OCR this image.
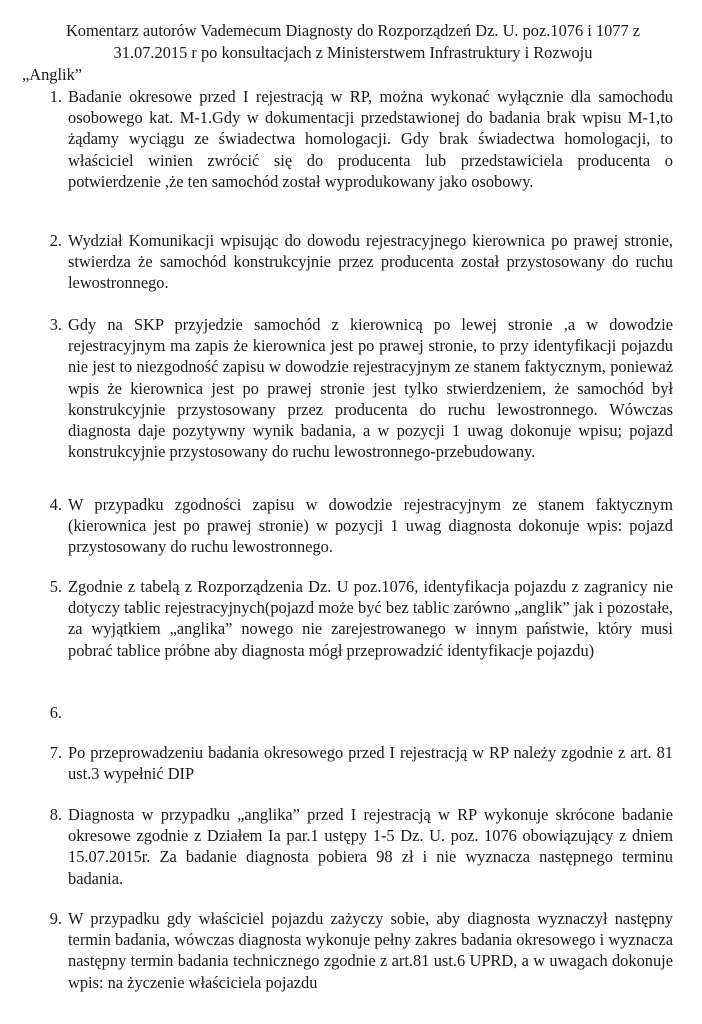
Komentarz autorów Vademecum Diagnosty do Rozporządzeń Dz. U. poz.1076 i 1077 z
31.07.2015 r po konsultacjach z Ministerstwem Infrastruktury i Rozwoju
„Anglik”
1. Badanie okresowe przed I rejestracją w RP, można wykonać wyłącznie dla samochodu osobowego kat. M-1.Gdy w dokumentacji przedstawionej do badania brak wpisu M-1,to żądamy wyciągu ze świadectwa homologacji. Gdy brak świadectwa homologacji, to właściciel winien zwrócić się do producenta lub przedstawiciela producenta o potwierdzenie ,że ten samochód został wyprodukowany jako osobowy.
2. Wydział Komunikacji wpisując do dowodu rejestracyjnego kierownica po prawej stronie, stwierdza że samochód konstrukcyjnie przez producenta został przystosowany do ruchu lewostronnego.
3. Gdy na SKP przyjedzie samochód z kierownicą po lewej stronie ,a w dowodzie rejestracyjnym ma zapis że kierownica jest po prawej stronie, to przy identyfikacji pojazdu nie jest to niezgodność zapisu w dowodzie rejestracyjnym ze stanem faktycznym, ponieważ wpis że kierownica jest po prawej stronie jest tylko stwierdzeniem, że samochód był konstrukcyjnie przystosowany przez producenta do ruchu lewostronnego. Wówczas diagnosta daje pozytywny wynik badania, a w pozycji 1 uwag dokonuje wpisu; pojazd konstrukcyjnie przystosowany do ruchu lewostronnego-przebudowany.
4. W przypadku zgodności zapisu w dowodzie rejestracyjnym ze stanem faktycznym (kierownica jest po prawej stronie) w pozycji 1 uwag diagnosta dokonuje wpis: pojazd przystosowany do ruchu lewostronnego.
5. Zgodnie z tabelą z Rozporządzenia Dz. U poz.1076, identyfikacja pojazdu z zagranicy nie dotyczy tablic rejestracyjnych(pojazd może być bez tablic zarówno „anglik” jak i pozostałe, za wyjątkiem „anglika” nowego nie zarejestrowanego w innym państwie, który musi pobrać tablice próbne aby diagnosta mógł przeprowadzić identyfikacje pojazdu)
6.
7. Po przeprowadzeniu badania okresowego przed I rejestracją w RP należy zgodnie z art. 81 ust.3 wypełnić DIP
8. Diagnosta w przypadku „anglika” przed I rejestracją w RP wykonuje skrócone badanie okresowe zgodnie z Działem Ia par.1 ustępy 1-5 Dz. U. poz. 1076 obowiązujący z dniem 15.07.2015r. Za badanie diagnosta pobiera 98 zł i nie wyznacza następnego terminu badania.
9. W przypadku gdy właściciel pojazdu zażyczy sobie, aby diagnosta wyznaczył następny termin badania, wówczas diagnosta wykonuje pełny zakres badania okresowego i wyznacza następny termin badania technicznego zgodnie z art.81 ust.6 UPRD, a w uwagach dokonuje wpis: na życzenie właściciela pojazdu
